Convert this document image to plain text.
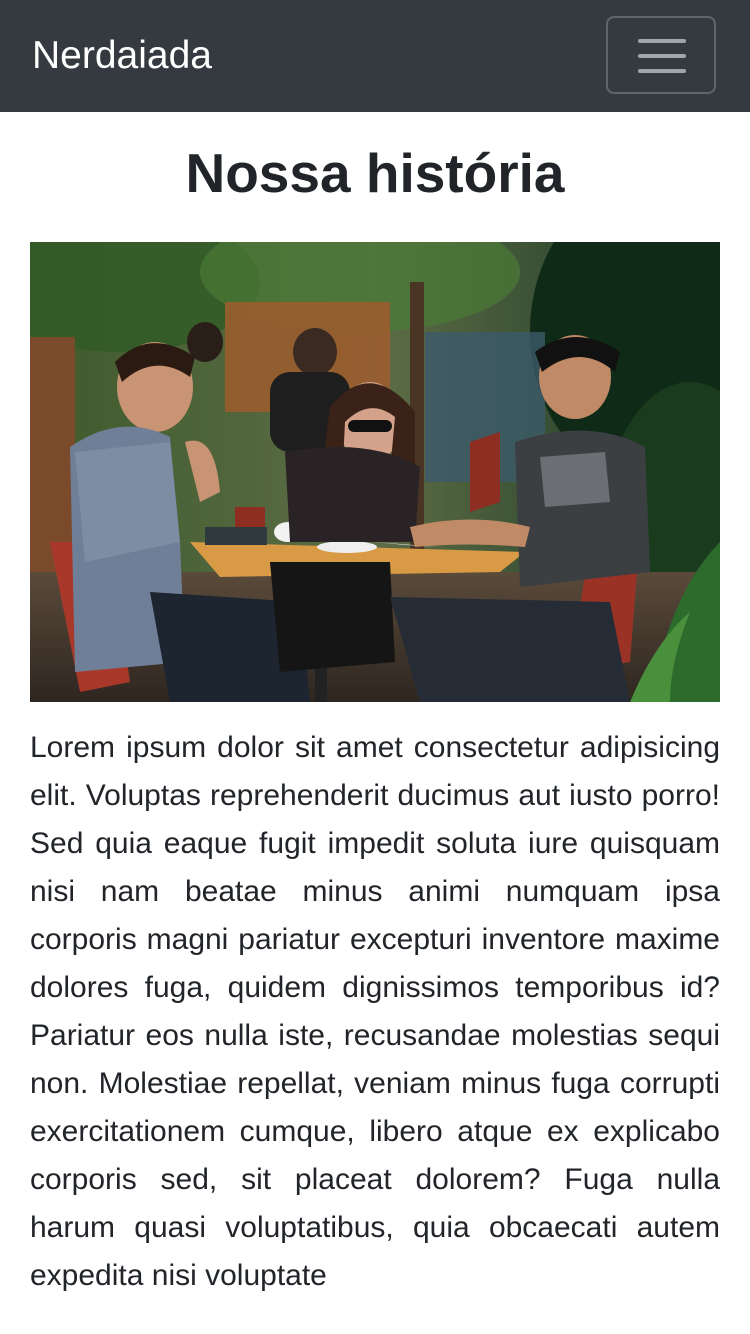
Nerdaiada
Nossa história

Lorem ipsum dolor sit amet consectetur adipisicing elit. Voluptas reprehenderit ducimus aut iusto porro! Sed quia eaque fugit impedit soluta iure quisquam nisi nam beatae minus animi numquam ipsa corporis magni pariatur excepturi inventore maxime dolores fuga, quidem dignissimos temporibus id? Pariatur eos nulla iste, recusandae molestias sequi non. Molestiae repellat, veniam minus fuga corrupti exercitationem cumque, libero atque ex explicabo corporis sed, sit placeat dolorem? Fuga nulla harum quasi voluptatibus, quia obcaecati autem expedita nisi voluptate
